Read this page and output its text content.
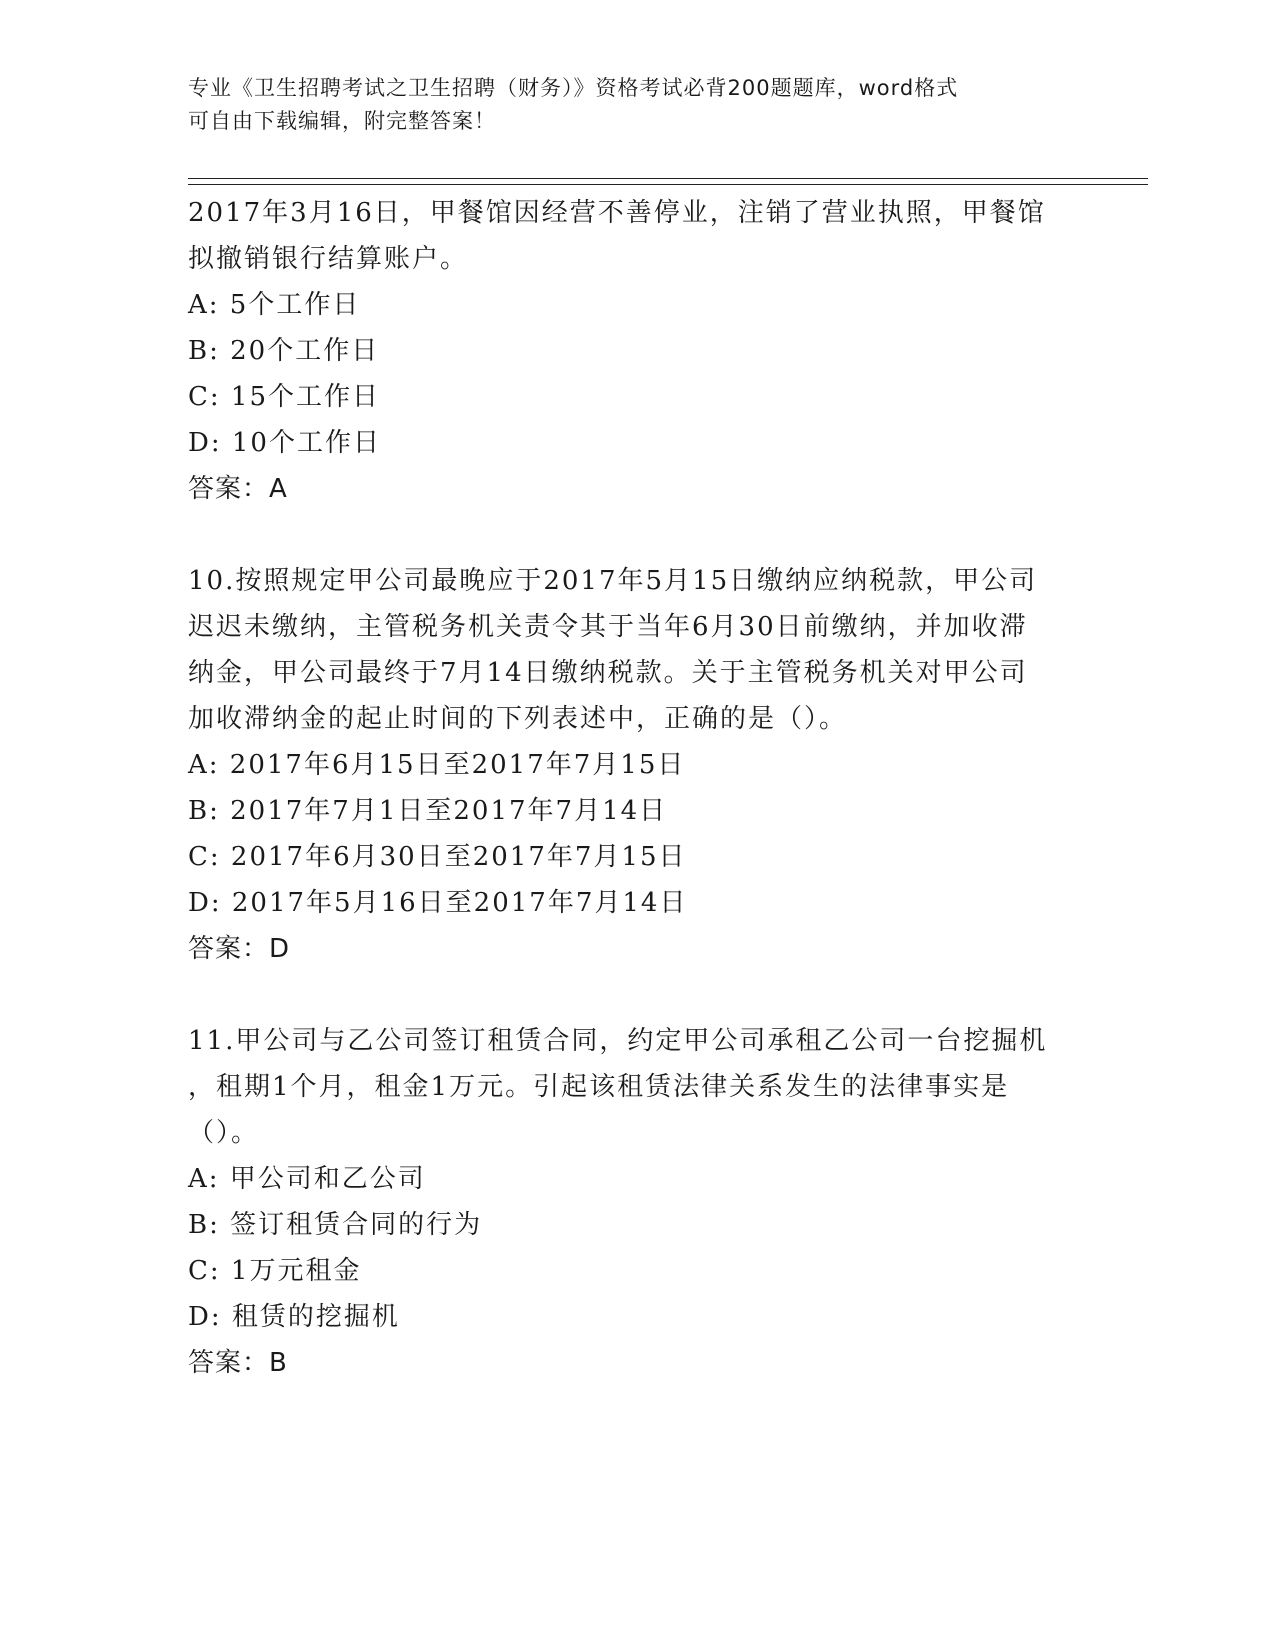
专业《卫生招聘考试之卫生招聘（财务）》资格考试必背200题题库，word格式
可自由下载编辑，附完整答案！
2017年3月16日，甲餐馆因经营不善停业，注销了营业执照，甲餐馆
拟撤销银行结算账户。
A: 5个工作日
B: 20个工作日
C: 15个工作日
D: 10个工作日
答案：A
10.按照规定甲公司最晚应于2017年5月15日缴纳应纳税款，甲公司
迟迟未缴纳，主管税务机关责令其于当年6月30日前缴纳，并加收滞
纳金，甲公司最终于7月14日缴纳税款。关于主管税务机关对甲公司
加收滞纳金的起止时间的下列表述中，正确的是（）。
A: 2017年6月15日至2017年7月15日
B: 2017年7月1日至2017年7月14日
C: 2017年6月30日至2017年7月15日
D: 2017年5月16日至2017年7月14日
答案：D
11.甲公司与乙公司签订租赁合同，约定甲公司承租乙公司一台挖掘机
，租期1个月，租金1万元。引起该租赁法律关系发生的法律事实是
（）。
A: 甲公司和乙公司
B: 签订租赁合同的行为
C: 1万元租金
D: 租赁的挖掘机
答案：B
